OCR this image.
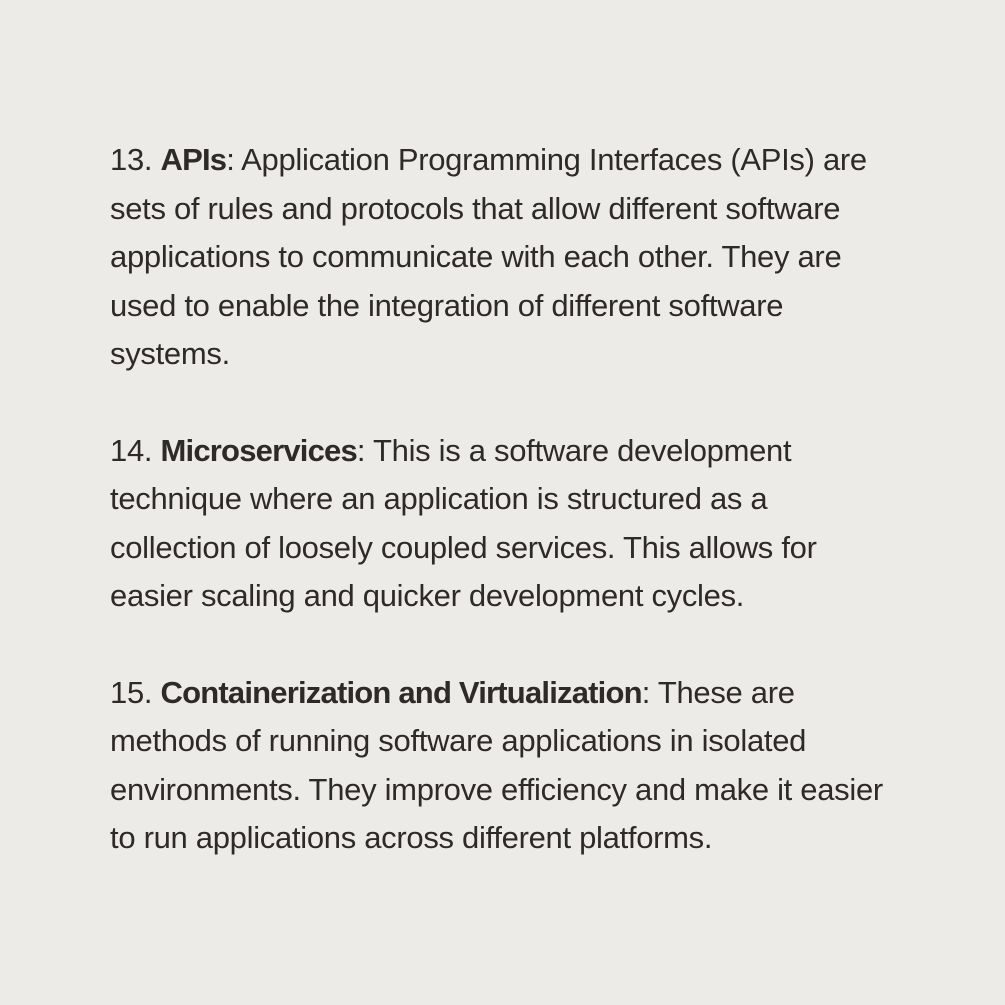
13. APIs: Application Programming Interfaces (APIs) are sets of rules and protocols that allow different software applications to communicate with each other. They are used to enable the integration of different software systems.

14. Microservices: This is a software development technique where an application is structured as a collection of loosely coupled services. This allows for easier scaling and quicker development cycles.

15. Containerization and Virtualization: These are methods of running software applications in isolated environments. They improve efficiency and make it easier to run applications across different platforms.
